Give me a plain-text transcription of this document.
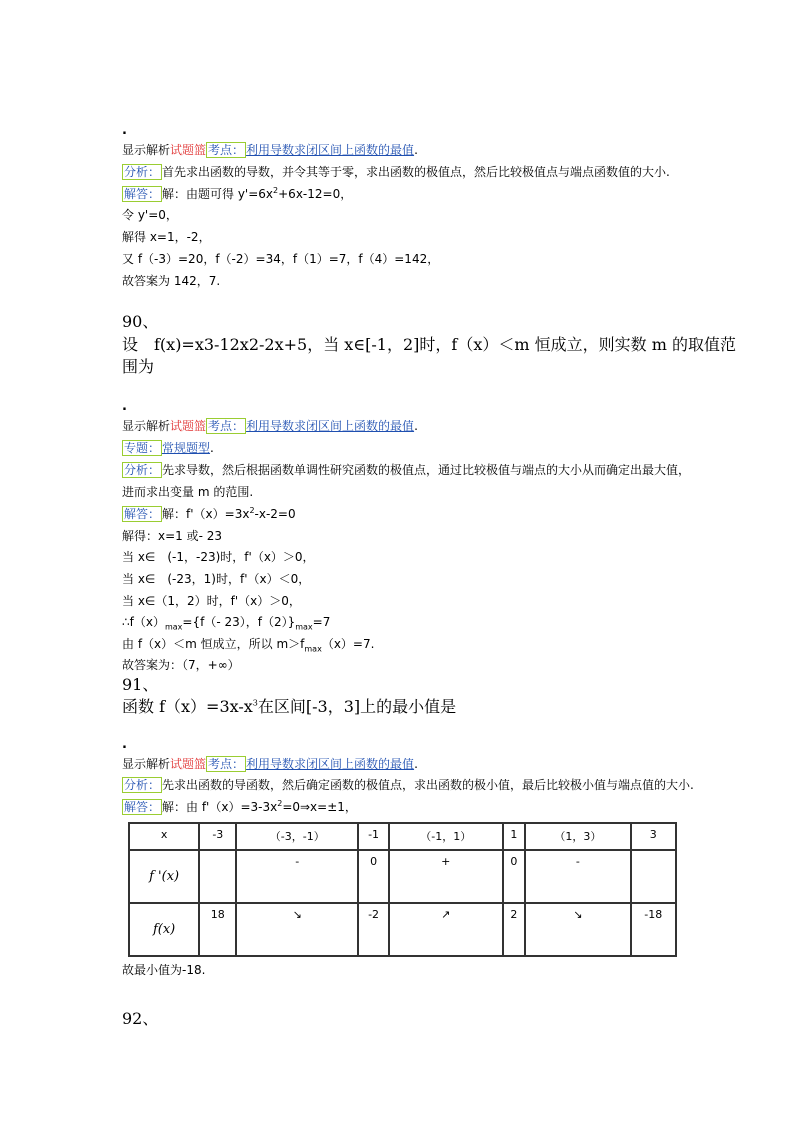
.
显示解析试题篮 考点： 利用导数求闭区间上函数的最值.
分析： 首先求出函数的导数，并令其等于零，求出函数的极值点，然后比较极值点与端点函数值的大小.
解答： 解：由题可得 $y'=6x^2+6x-12=0$，
令 y'=0，
解得 x=1，-2，
又 f（-3）=20，f（-2）=34，f（1）=7，f（4）=142，
故答案为 142，7.
90、
设　f(x)=x3-12x2-2x+5，当 x∈[-1，2]时，f（x）＜m 恒成立，则实数 m 的取值范
围为
.
显示解析试题篮 考点： 利用导数求闭区间上函数的最值.
专题： 常规题型.
分析： 先求导数，然后根据函数单调性研究函数的极值点，通过比较极值与端点的大小从而确定出最大值，
进而求出变量 m 的范围.
解答： 解：$f'(x)=3x^2-x-2=0$
解得：x=1 或- 23
当 x∈　(-1，-23)时，f'（x）＞0，
当 x∈　(-23，1)时，f'（x）＜0，
当 x∈（1，2）时，f'（x）＞0，
$\therefore f(x)_{max}=\{f(-$ 23），$f(2)\}_{max}=7$
由 f（x）＜m 恒成立，所以 $m>f_{max}(x)=7$.
故答案为：（7，+∞）
91、
函数 $f(x)=3x-x^3$在区间[-3，3]上的最小值是
.
显示解析试题篮 考点： 利用导数求闭区间上函数的最值.
分析： 先求出函数的导函数，然后确定函数的极值点，求出函数的极小值，最后比较极小值与端点值的大小.
解答： 解：由 $f'(x)=3-3x^2=0\Rightarrow x=\pm 1$，
x	-3	（-3，-1）	-1	（-1，1）	1	（1，3）	3
f '(x)		-	0	+	0	-	
f(x)	18	↘	-2	↗	2	↘	-18
故最小值为-18.
92、
